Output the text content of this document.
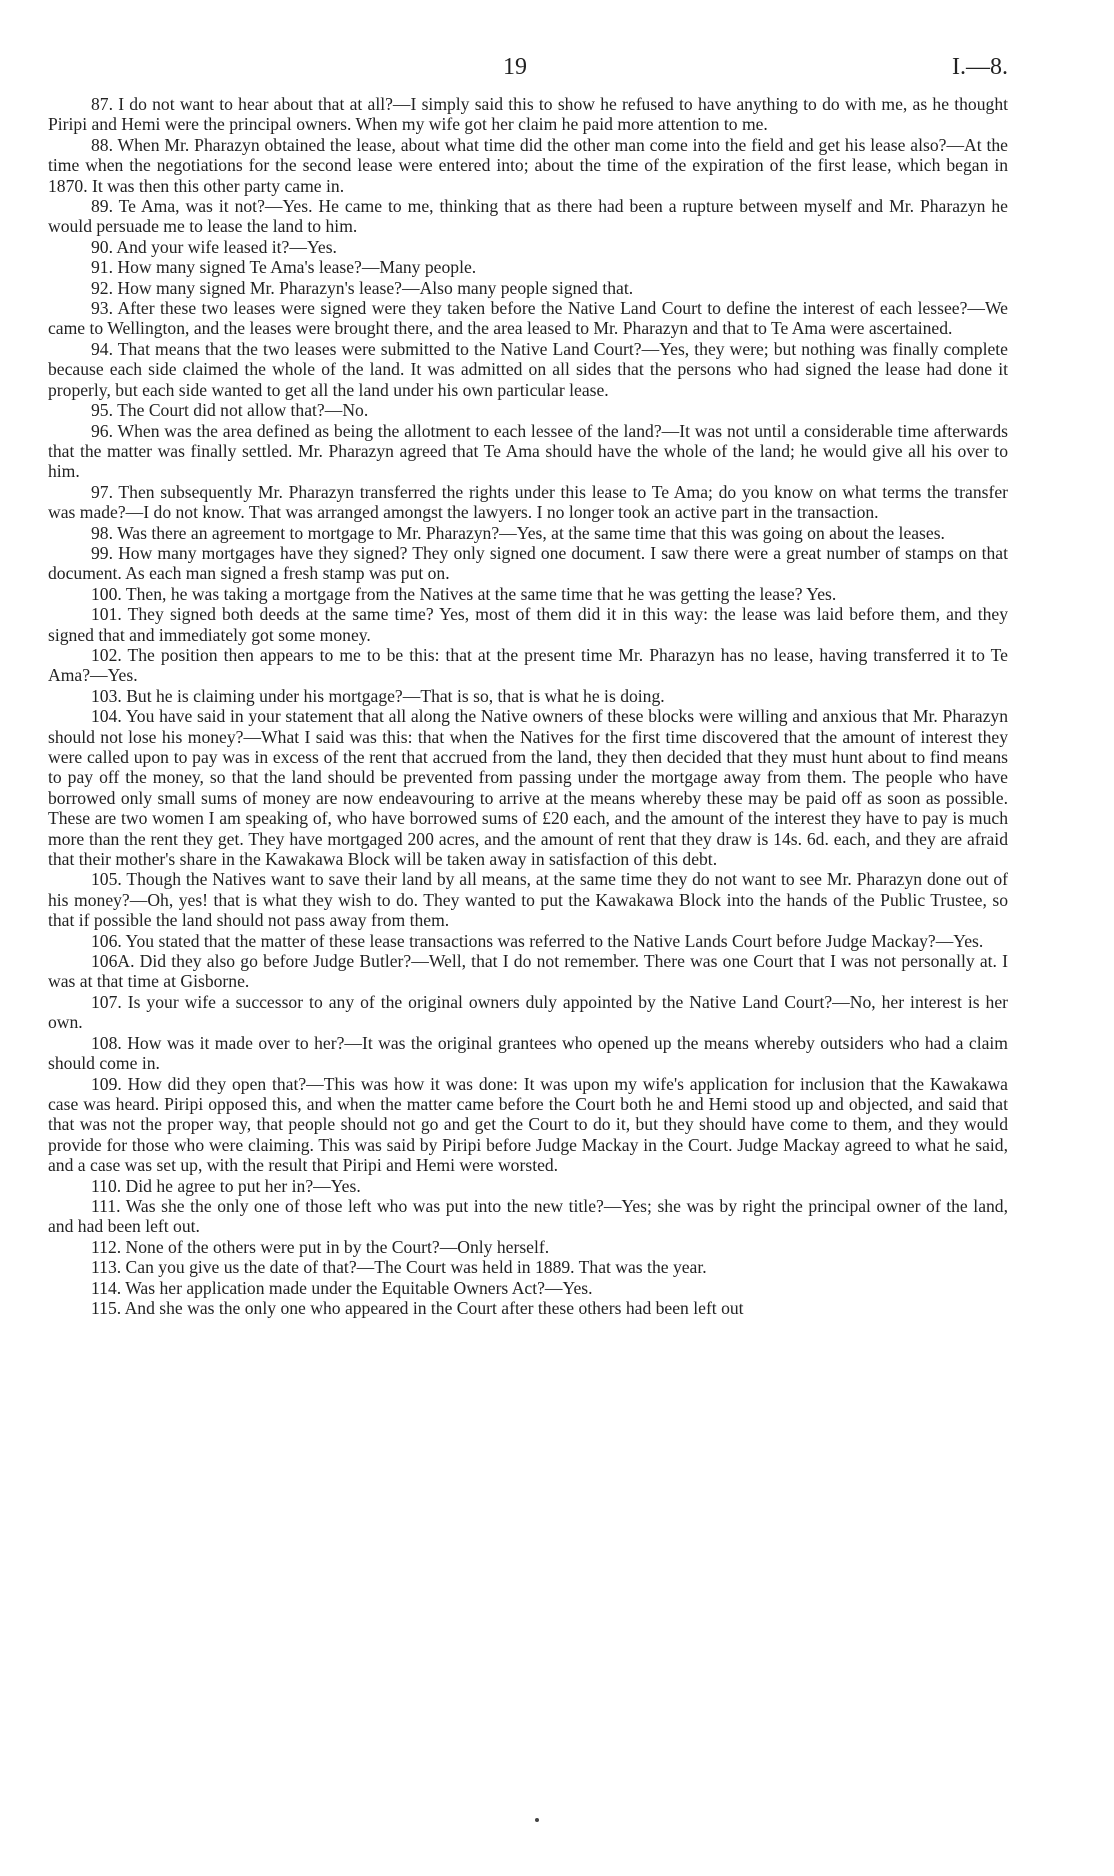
19	I.—8.

87. I do not want to hear about that at all?—I simply said this to show he refused to have anything to do with me, as he thought Piripi and Hemi were the principal owners. When my wife got her claim he paid more attention to me.

88. When Mr. Pharazyn obtained the lease, about what time did the other man come into the field and get his lease also?—At the time when the negotiations for the second lease were entered into; about the time of the expiration of the first lease, which began in 1870. It was then this other party came in.

89. Te Ama, was it not?—Yes. He came to me, thinking that as there had been a rupture between myself and Mr. Pharazyn he would persuade me to lease the land to him.

90. And your wife leased it?—Yes.

91. How many signed Te Ama's lease?—Many people.

92. How many signed Mr. Pharazyn's lease?—Also many people signed that.

93. After these two leases were signed were they taken before the Native Land Court to define the interest of each lessee?—We came to Wellington, and the leases were brought there, and the area leased to Mr. Pharazyn and that to Te Ama were ascertained.

94. That means that the two leases were submitted to the Native Land Court?—Yes, they were; but nothing was finally complete because each side claimed the whole of the land. It was admitted on all sides that the persons who had signed the lease had done it properly, but each side wanted to get all the land under his own particular lease.

95. The Court did not allow that?—No.

96. When was the area defined as being the allotment to each lessee of the land?—It was not until a considerable time afterwards that the matter was finally settled. Mr. Pharazyn agreed that Te Ama should have the whole of the land; he would give all his over to him.

97. Then subsequently Mr. Pharazyn transferred the rights under this lease to Te Ama; do you know on what terms the transfer was made?—I do not know. That was arranged amongst the lawyers. I no longer took an active part in the transaction.

98. Was there an agreement to mortgage to Mr. Pharazyn?—Yes, at the same time that this was going on about the leases.

99. How many mortgages have they signed? They only signed one document. I saw there were a great number of stamps on that document. As each man signed a fresh stamp was put on.

100. Then, he was taking a mortgage from the Natives at the same time that he was getting the lease? Yes.

101. They signed both deeds at the same time? Yes, most of them did it in this way: the lease was laid before them, and they signed that and immediately got some money.

102. The position then appears to me to be this: that at the present time Mr. Pharazyn has no lease, having transferred it to Te Ama?—Yes.

103. But he is claiming under his mortgage?—That is so, that is what he is doing.

104. You have said in your statement that all along the Native owners of these blocks were willing and anxious that Mr. Pharazyn should not lose his money?—What I said was this: that when the Natives for the first time discovered that the amount of interest they were called upon to pay was in excess of the rent that accrued from the land, they then decided that they must hunt about to find means to pay off the money, so that the land should be prevented from passing under the mortgage away from them. The people who have borrowed only small sums of money are now endeavouring to arrive at the means whereby these may be paid off as soon as possible. These are two women I am speaking of, who have borrowed sums of £20 each, and the amount of the interest they have to pay is much more than the rent they get. They have mortgaged 200 acres, and the amount of rent that they draw is 14s. 6d. each, and they are afraid that their mother's share in the Kawakawa Block will be taken away in satisfaction of this debt.

105. Though the Natives want to save their land by all means, at the same time they do not want to see Mr. Pharazyn done out of his money?—Oh, yes! that is what they wish to do. They wanted to put the Kawakawa Block into the hands of the Public Trustee, so that if possible the land should not pass away from them.

106. You stated that the matter of these lease transactions was referred to the Native Lands Court before Judge Mackay?—Yes.

106A. Did they also go before Judge Butler?—Well, that I do not remember. There was one Court that I was not personally at. I was at that time at Gisborne.

107. Is your wife a successor to any of the original owners duly appointed by the Native Land Court?—No, her interest is her own.

108. How was it made over to her?—It was the original grantees who opened up the means whereby outsiders who had a claim should come in.

109. How did they open that?—This was how it was done: It was upon my wife's application for inclusion that the Kawakawa case was heard. Piripi opposed this, and when the matter came before the Court both he and Hemi stood up and objected, and said that that was not the proper way, that people should not go and get the Court to do it, but they should have come to them, and they would provide for those who were claiming. This was said by Piripi before Judge Mackay in the Court. Judge Mackay agreed to what he said, and a case was set up, with the result that Piripi and Hemi were worsted.

110. Did he agree to put her in?—Yes.

111. Was she the only one of those left who was put into the new title?—Yes; she was by right the principal owner of the land, and had been left out.

112. None of the others were put in by the Court?—Only herself.

113. Can you give us the date of that?—The Court was held in 1889. That was the year.

114. Was her application made under the Equitable Owners Act?—Yes.

115. And she was the only one who appeared in the Court after these others had been left out
